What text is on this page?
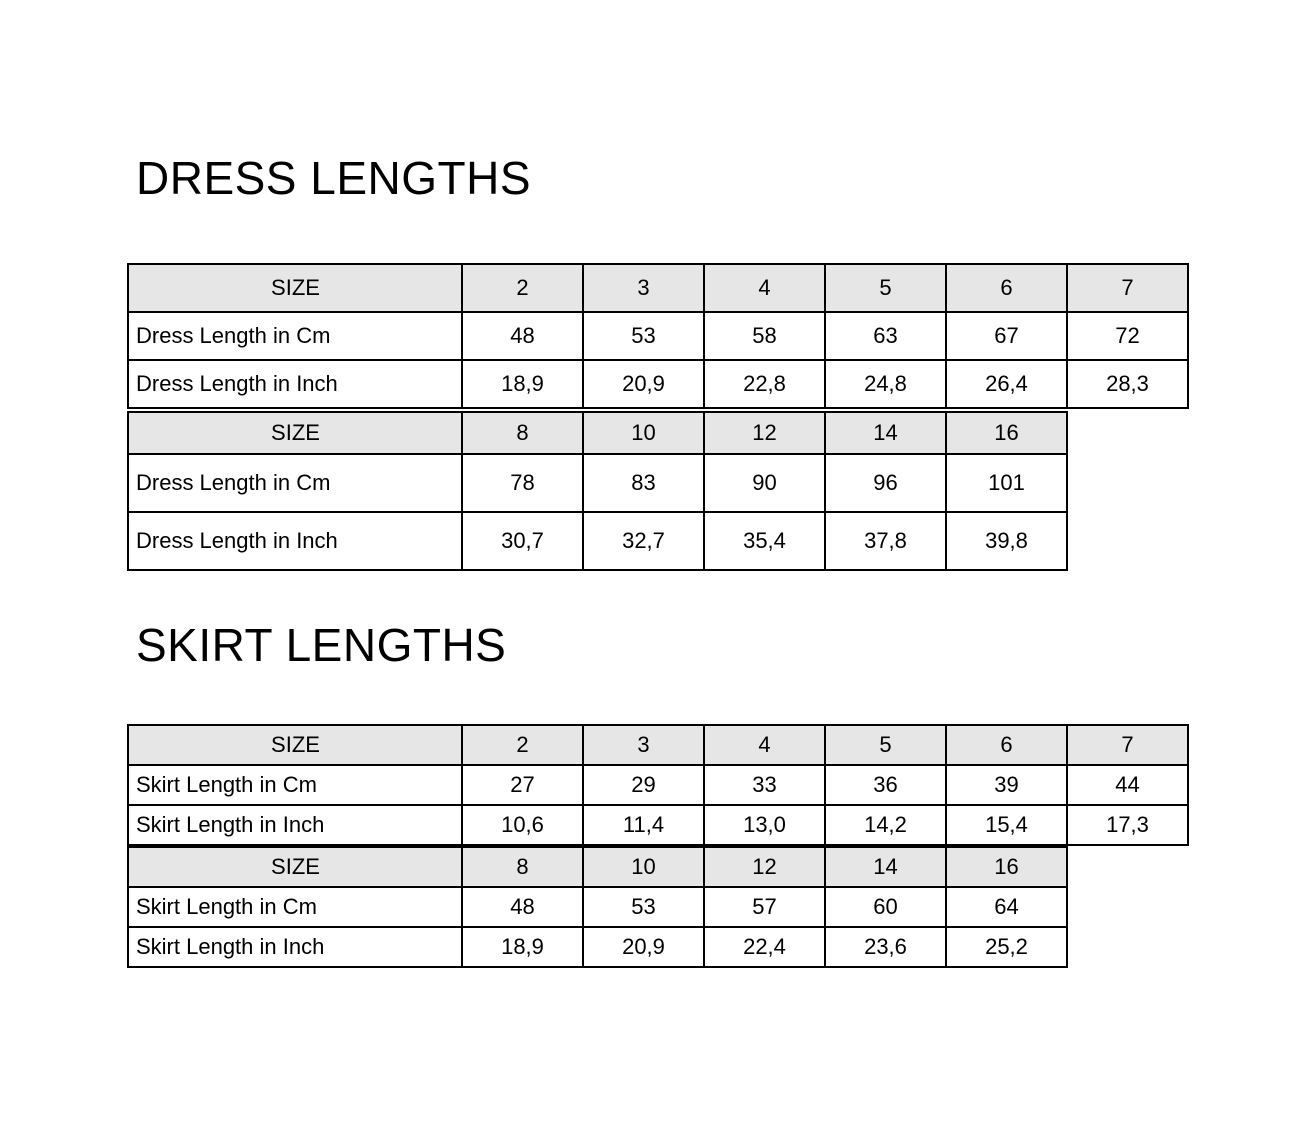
DRESS LENGTHS
SIZE	2	3	4	5	6	7
Dress Length in Cm	48	53	58	63	67	72
Dress Length in Inch	18,9	20,9	22,8	24,8	26,4	28,3
SIZE	8	10	12	14	16
Dress Length in Cm	78	83	90	96	101
Dress Length in Inch	30,7	32,7	35,4	37,8	39,8
SKIRT LENGTHS
SIZE	2	3	4	5	6	7
Skirt Length in Cm	27	29	33	36	39	44
Skirt Length in Inch	10,6	11,4	13,0	14,2	15,4	17,3
SIZE	8	10	12	14	16
Skirt Length in Cm	48	53	57	60	64
Skirt Length in Inch	18,9	20,9	22,4	23,6	25,2
